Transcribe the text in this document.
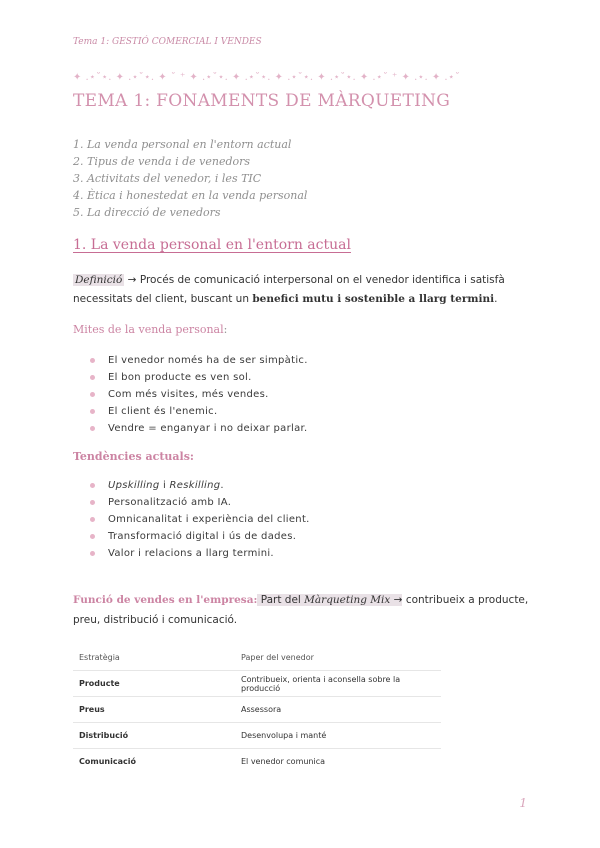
Tema 1: GESTIÓ COMERCIAL I VENDES
✦ .⋆˚⋆. ✦ .⋆˚⋆. ✦ ˚ ⁺ ✦ .⋆˚⋆. ✦ .⋆˚⋆. ✦ .⋆˚⋆. ✦ .⋆˚⋆. ✦ .⋆˚ ⁺ ✦ .⋆. ✦ .⋆˚
TEMA 1: FONAMENTS DE MÀRQUETING
1. La venda personal en l'entorn actual
2. Tipus de venda i de venedors
3. Activitats del venedor, i les TIC
4. Ètica i honestedat en la venda personal
5. La direcció de venedors
1. La venda personal en l'entorn actual
Definició → Procés de comunicació interpersonal on el venedor identifica i satisfà necessitats del client, buscant un benefici mutu i sostenible a llarg termini.
Mites de la venda personal:
El venedor només ha de ser simpàtic.
El bon producte es ven sol.
Com més visites, més vendes.
El client és l'enemic.
Vendre = enganyar i no deixar parlar.
Tendències actuals:
Upskilling i Reskilling.
Personalització amb IA.
Omnicanalitat i experiència del client.
Transformació digital i ús de dades.
Valor i relacions a llarg termini.
Funció de vendes en l'empresa: Part del Màrqueting Mix → contribueix a producte, preu, distribució i comunicació.
Estratègia	Paper del venedor
Producte	Contribueix, orienta i aconsella sobre la producció
Preus	Assessora
Distribució	Desenvolupa i manté
Comunicació	El venedor comunica
1
